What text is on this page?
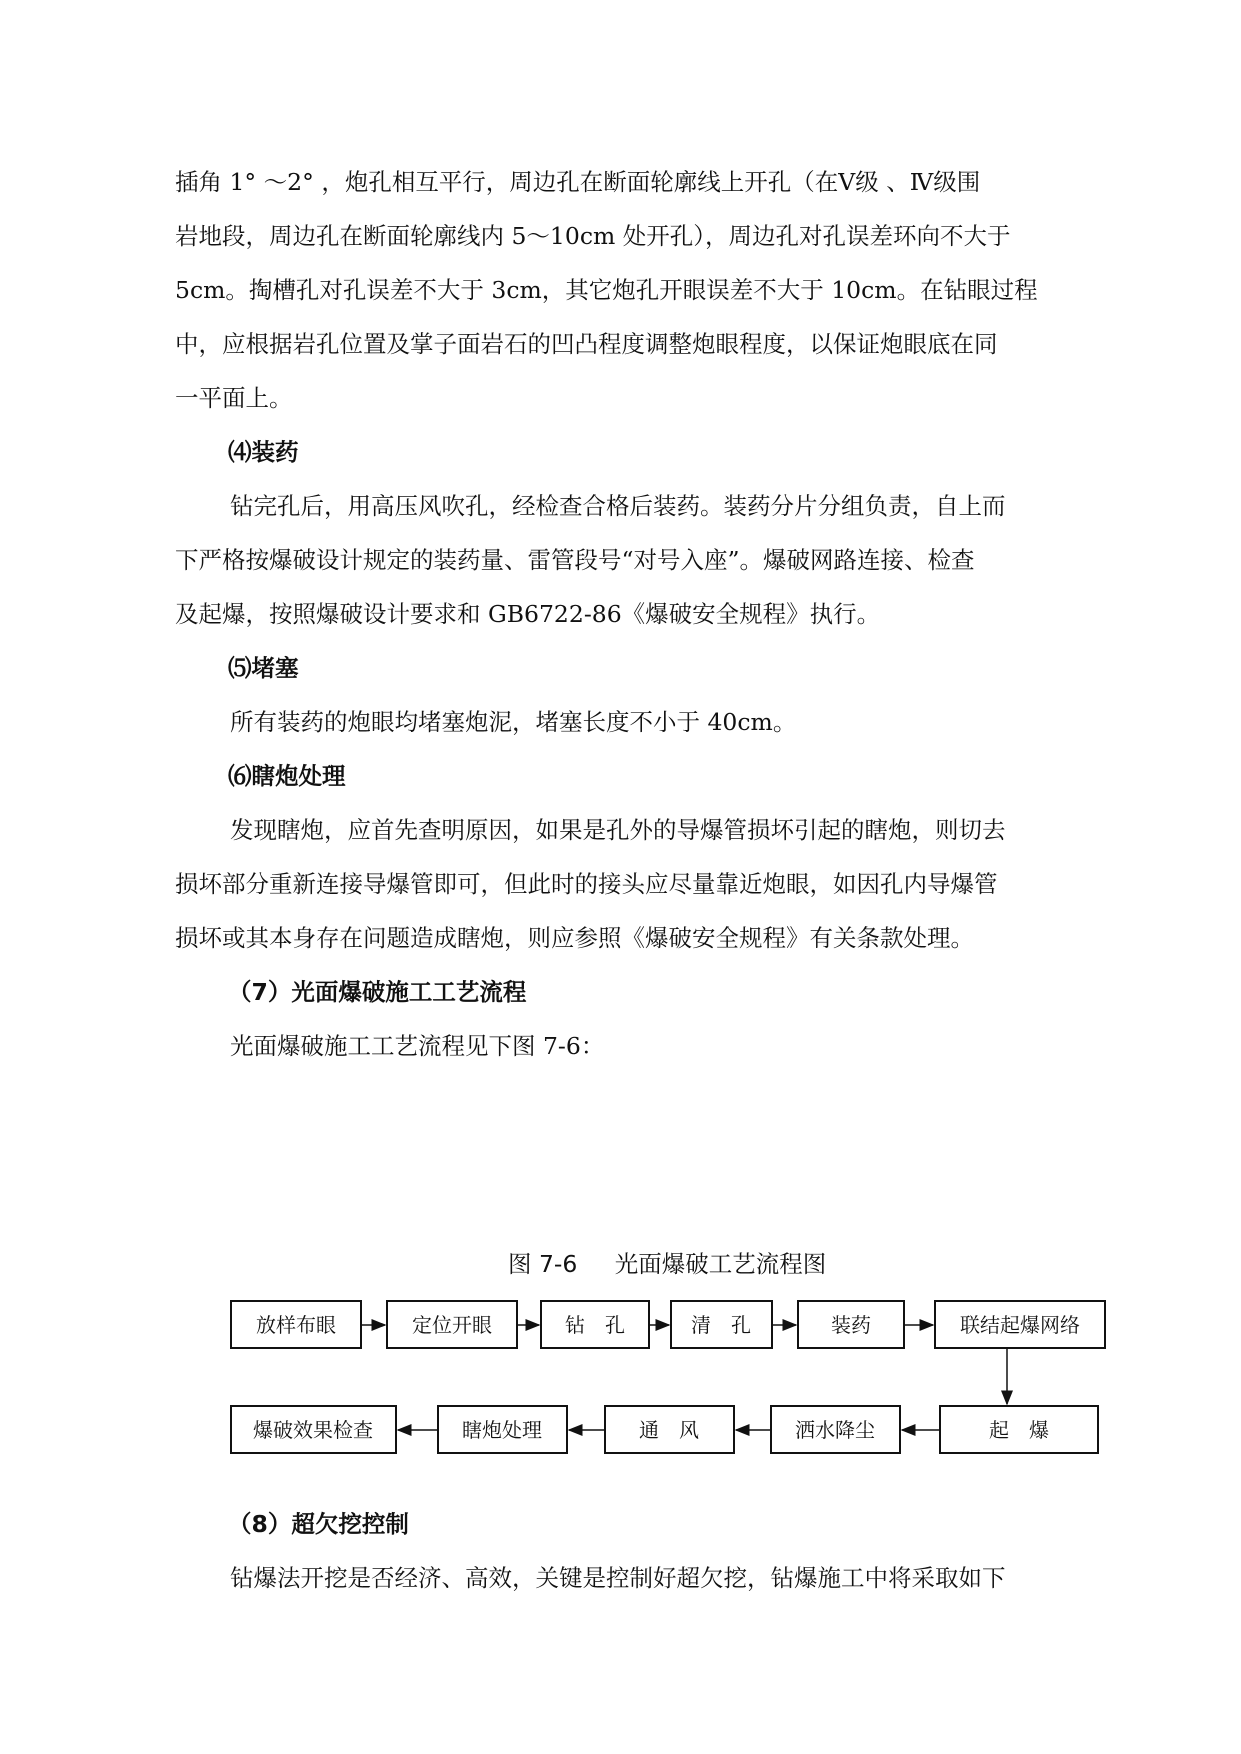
插角 1° ～2° ，炮孔相互平行，周边孔在断面轮廓线上开孔（在Ⅴ级 、Ⅳ级围
岩地段，周边孔在断面轮廓线内 5～10cm 处开孔），周边孔对孔误差环向不大于
5cm。掏槽孔对孔误差不大于 3cm，其它炮孔开眼误差不大于 10cm。在钻眼过程
中，应根据岩孔位置及掌子面岩石的凹凸程度调整炮眼程度，以保证炮眼底在同
一平面上。
⑷装药
钻完孔后，用高压风吹孔，经检查合格后装药。装药分片分组负责，自上而
下严格按爆破设计规定的装药量、雷管段号“对号入座”。爆破网路连接、检查
及起爆，按照爆破设计要求和 GB6722-86《爆破安全规程》执行。
⑸堵塞
所有装药的炮眼均堵塞炮泥，堵塞长度不小于 40cm。
⑹瞎炮处理
发现瞎炮，应首先查明原因，如果是孔外的导爆管损坏引起的瞎炮，则切去
损坏部分重新连接导爆管即可，但此时的接头应尽量靠近炮眼，如因孔内导爆管
损坏或其本身存在问题造成瞎炮，则应参照《爆破安全规程》有关条款处理。
（7）光面爆破施工工艺流程
光面爆破施工工艺流程见下图 7-6：
图 7-6     光面爆破工艺流程图
放样布眼	定位开眼	钻　孔	清　孔	装药	联结起爆网络
起　爆
洒水降尘
通　风
瞎炮处理
爆破效果检查
（8）超欠挖控制
钻爆法开挖是否经济、高效，关键是控制好超欠挖，钻爆施工中将采取如下
